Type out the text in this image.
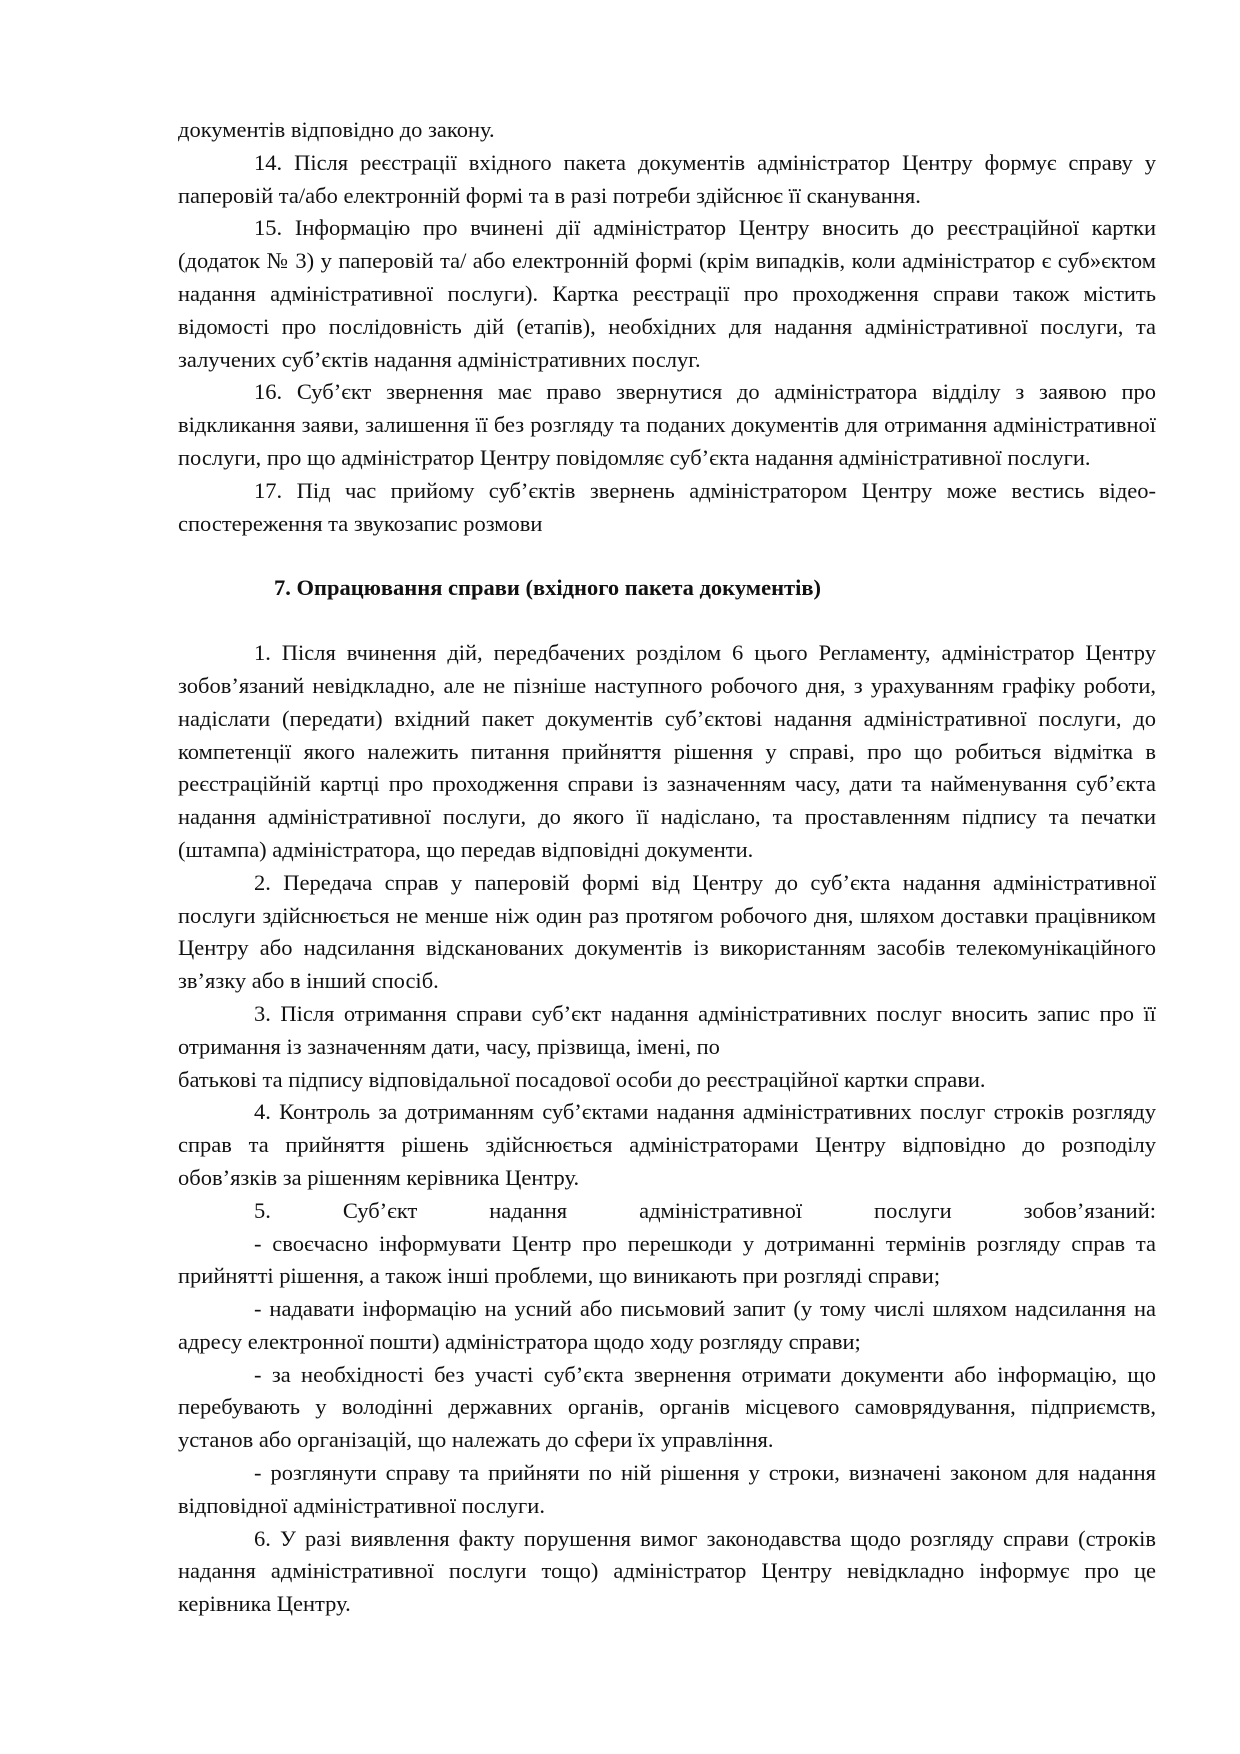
документів відповідно до закону.

14. Після реєстрації вхідного пакета документів адміністратор Центру формує справу у паперовій та/або електронній формі та в разі потреби здійснює її сканування.

15. Інформацію про вчинені дії адміністратор Центру вносить до реєстраційної картки (додаток № 3) у паперовій та/ або електронній формі (крім випадків, коли адміністратор є суб»єктом надання адміністративної послуги). Картка реєстрації про проходження справи також містить відомості про послідовність дій (етапів), необхідних для надання адміністративної послуги, та залучених суб’єктів надання адміністративних послуг.

16. Суб’єкт звернення має право звернутися до адміністратора відділу з заявою про відкликання заяви, залишення її без розгляду та поданих документів для отримання адміністративної послуги, про що адміністратор Центру повідомляє суб’єкта надання адміністративної послуги.

17. Під час прийому суб’єктів звернень адміністратором Центру може вестись відео-спостереження та звукозапис розмови

7. Опрацювання справи (вхідного пакета документів)

1. Після вчинення дій, передбачених розділом 6 цього Регламенту, адміністратор Центру зобов’язаний невідкладно, але не пізніше наступного робочого дня, з урахуванням графіку роботи, надіслати (передати) вхідний пакет документів суб’єктові надання адміністративної послуги, до компетенції якого належить питання прийняття рішення у справі, про що робиться відмітка в реєстраційній картці про проходження справи із зазначенням часу, дати та найменування суб’єкта надання адміністративної послуги, до якого її надіслано, та проставленням підпису та печатки (штампа) адміністратора, що передав відповідні документи.

2. Передача справ у паперовій формі від Центру до суб’єкта надання адміністративної послуги здійснюється не менше ніж один раз протягом робочого дня, шляхом доставки працівником Центру або надсилання відсканованих документів із використанням засобів телекомунікаційного зв’язку або в інший спосіб.

3. Після отримання справи суб’єкт надання адміністративних послуг вносить запис про її отримання із зазначенням дати, часу, прізвища, імені, по

батькові та підпису відповідальної посадової особи до реєстраційної картки справи.

4. Контроль за дотриманням суб’єктами надання адміністративних послуг строків розгляду справ та прийняття рішень здійснюється адміністраторами Центру відповідно до розподілу обов’язків за рішенням керівника Центру.

5. Суб’єкт надання адміністративної послуги зобов’язаний:

- своєчасно інформувати Центр про перешкоди у дотриманні термінів розгляду справ та прийнятті рішення, а також інші проблеми, що виникають при розгляді справи;

- надавати інформацію на усний або письмовий запит (у тому числі шляхом надсилання на адресу електронної пошти) адміністратора щодо ходу розгляду справи;

- за необхідності без участі суб’єкта звернення отримати документи або інформацію, що перебувають у володінні державних органів, органів місцевого самоврядування, підприємств, установ або організацій, що належать до сфери їх управління.

- розглянути справу та прийняти по ній рішення у строки, визначені законом для надання відповідної адміністративної послуги.

6. У разі виявлення факту порушення вимог законодавства щодо розгляду справи (строків надання адміністративної послуги тощо) адміністратор Центру невідкладно інформує про це керівника Центру.
